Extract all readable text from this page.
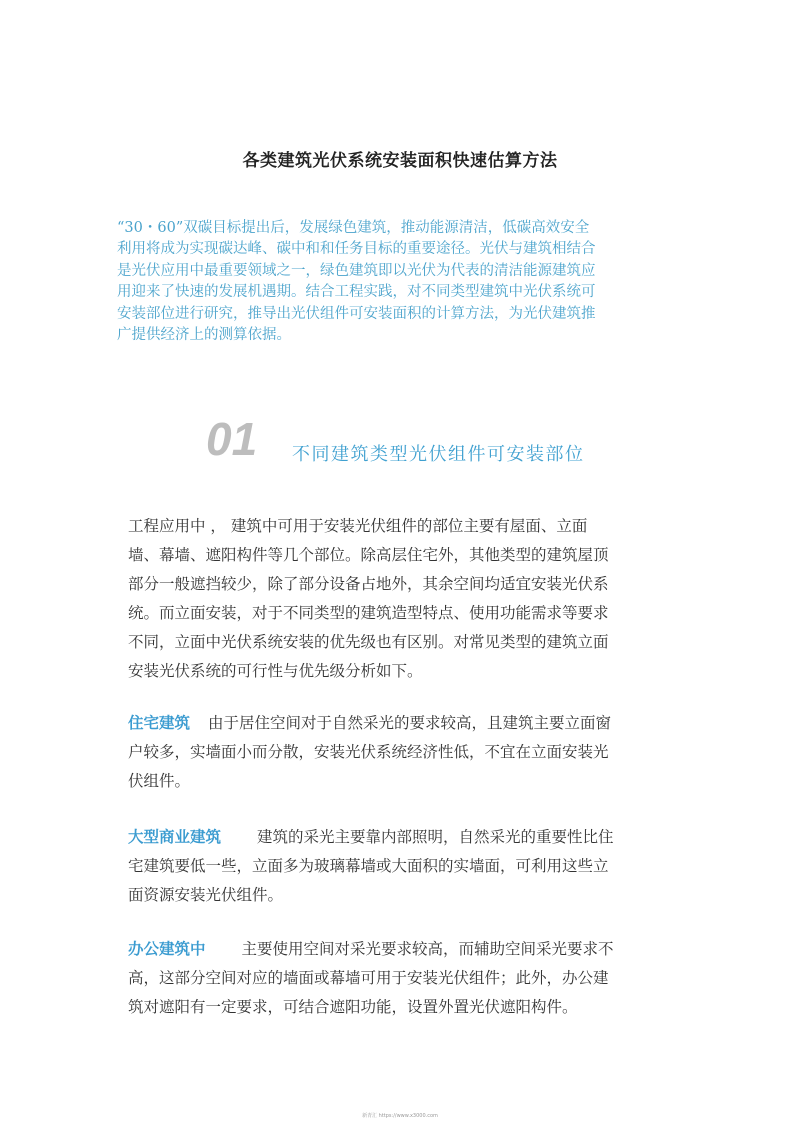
各类建筑光伏系统安装面积快速估算方法
“30・60”双碳目标提出后，发展绿色建筑，推动能源清洁，低碳高效安全
利用将成为实现碳达峰、碳中和和任务目标的重要途径。光伏与建筑相结合
是光伏应用中最重要领域之一，绿色建筑即以光伏为代表的清洁能源建筑应
用迎来了快速的发展机遇期。结合工程实践，对不同类型建筑中光伏系统可
安装部位进行研究，推导出光伏组件可安装面积的计算方法，为光伏建筑推
广提供经济上的测算依据。
01 不同建筑类型光伏组件可安装部位
工程应用中 ， 建筑中可用于安装光伏组件的部位主要有屋面、立面
墙、幕墙、遮阳构件等几个部位。除高层住宅外，其他类型的建筑屋顶
部分一般遮挡较少，除了部分设备占地外，其余空间均适宜安装光伏系
统。而立面安装，对于不同类型的建筑造型特点、使用功能需求等要求
不同，立面中光伏系统安装的优先级也有区别。对常见类型的建筑立面
安装光伏系统的可行性与优先级分析如下。
住宅建筑 由于居住空间对于自然采光的要求较高，且建筑主要立面窗
户较多，实墙面小而分散，安装光伏系统经济性低，不宜在立面安装光
伏组件。
大型商业建筑 建筑的采光主要靠内部照明，自然采光的重要性比住
宅建筑要低一些，立面多为玻璃幕墙或大面积的实墙面，可利用这些立
面资源安装光伏组件。
办公建筑中 主要使用空间对采光要求较高，而辅助空间采光要求不
高，这部分空间对应的墙面或幕墙可用于安装光伏组件；此外，办公建
筑对遮阳有一定要求，可结合遮阳功能，设置外置光伏遮阳构件。
新青汇 https://www.x3000.com
